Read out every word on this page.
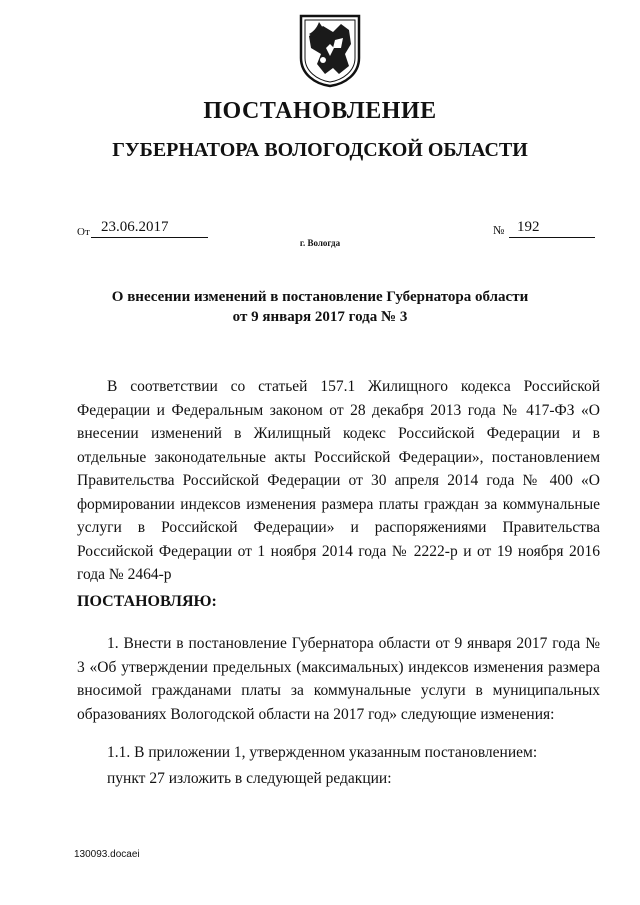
ПОСТАНОВЛЕНИЕ
ГУБЕРНАТОРА ВОЛОГОДСКОЙ ОБЛАСТИ
От 23.06.2017	№ 192
г. Вологда
О внесении изменений в постановление Губернатора области
от 9 января 2017 года № 3
В соответствии со статьей 157.1 Жилищного кодекса Российской Федерации и Федеральным законом от 28 декабря 2013 года № 417-ФЗ «О внесении изменений в Жилищный кодекс Российской Федерации и в отдельные законодательные акты Российской Федерации», постановлением Правительства Российской Федерации от 30 апреля 2014 года № 400 «О формировании индексов изменения размера платы граждан за коммунальные услуги в Российской Федерации» и распоряжениями Правительства Российской Федерации от 1 ноября 2014 года № 2222-р и от 19 ноября 2016 года № 2464-р
ПОСТАНОВЛЯЮ:
1. Внести в постановление Губернатора области от 9 января 2017 года № 3 «Об утверждении предельных (максимальных) индексов изменения размера вносимой гражданами платы за коммунальные услуги в муниципальных образованиях Вологодской области на 2017 год» следующие изменения:
1.1. В приложении 1, утвержденном указанным постановлением:
пункт 27 изложить в следующей редакции:
130093.docaei
